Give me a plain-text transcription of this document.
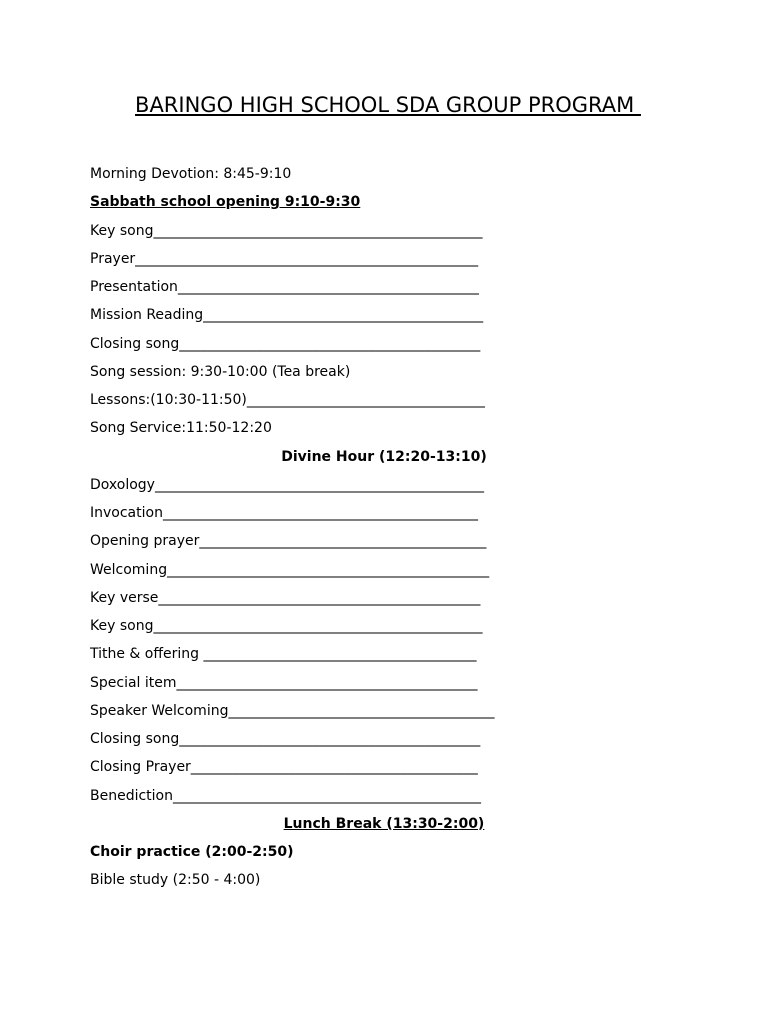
BARINGO HIGH SCHOOL SDA GROUP PROGRAM
Morning Devotion: 8:45-9:10
Sabbath school opening 9:10-9:30
Key song_______________________________________________
Prayer_________________________________________________
Presentation___________________________________________
Mission Reading________________________________________
Closing song___________________________________________
Song session: 9:30-10:00 (Tea break)
Lessons:(10:30-11:50)__________________________________
Song Service:11:50-12:20
Divine Hour (12:20-13:10)
Doxology_______________________________________________
Invocation_____________________________________________
Opening prayer_________________________________________
Welcoming______________________________________________
Key verse______________________________________________
Key song_______________________________________________
Tithe & offering _______________________________________
Special item___________________________________________
Speaker Welcoming______________________________________
Closing song___________________________________________
Closing Prayer_________________________________________
Benediction____________________________________________
Lunch Break (13:30-2:00)
Choir practice (2:00-2:50)
Bible study (2:50 - 4:00)
